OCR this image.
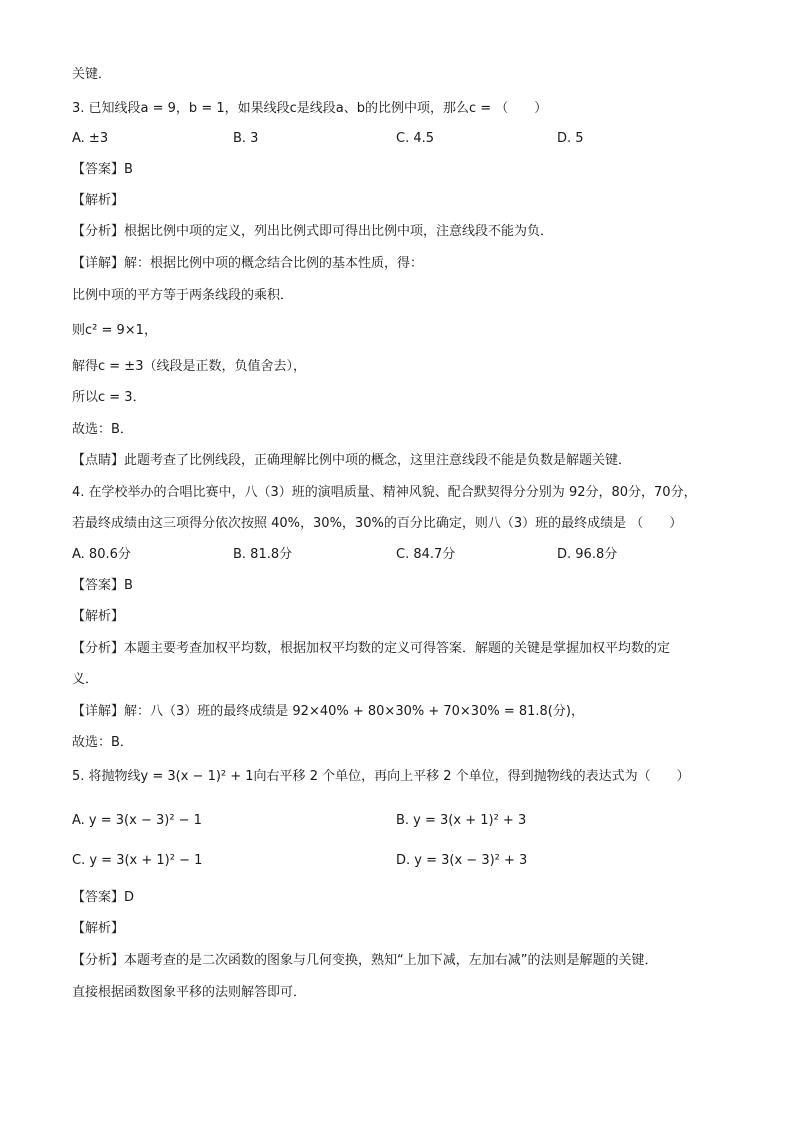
关键．
3. 已知线段a = 9，b = 1，如果线段c是线段a、b的比例中项，那么c = （　　）
A. ±3	B. 3	C. 4.5	D. 5
【答案】B
【解析】
【分析】根据比例中项的定义，列出比例式即可得出比例中项，注意线段不能为负．
【详解】解：根据比例中项的概念结合比例的基本性质，得：
比例中项的平方等于两条线段的乘积．
则c² = 9×1，
解得c = ±3（线段是正数，负值舍去），
所以c = 3．
故选：B．
【点睛】此题考查了比例线段，正确理解比例中项的概念，这里注意线段不能是负数是解题关键．
4. 在学校举办的合唱比赛中，八（3）班的演唱质量、精神风貌、配合默契得分分别为 92分，80分，70分，
若最终成绩由这三项得分依次按照 40%，30%，30%的百分比确定，则八（3）班的最终成绩是 （　　）
A. 80.6分	B. 81.8分	C. 84.7分	D. 96.8分
【答案】B
【解析】
【分析】本题主要考查加权平均数，根据加权平均数的定义可得答案．解题的关键是掌握加权平均数的定
义．
【详解】解：八（3）班的最终成绩是 92×40% + 80×30% + 70×30% = 81.8(分)，
故选：B．
5. 将抛物线y = 3(x − 1)² + 1向右平移 2 个单位，再向上平移 2 个单位，得到抛物线的表达式为（　　）
A. y = 3(x − 3)² − 1	B. y = 3(x + 1)² + 3
C. y = 3(x + 1)² − 1	D. y = 3(x − 3)² + 3
【答案】D
【解析】
【分析】本题考查的是二次函数的图象与几何变换，熟知“上加下减，左加右减”的法则是解题的关键．
直接根据函数图象平移的法则解答即可．
